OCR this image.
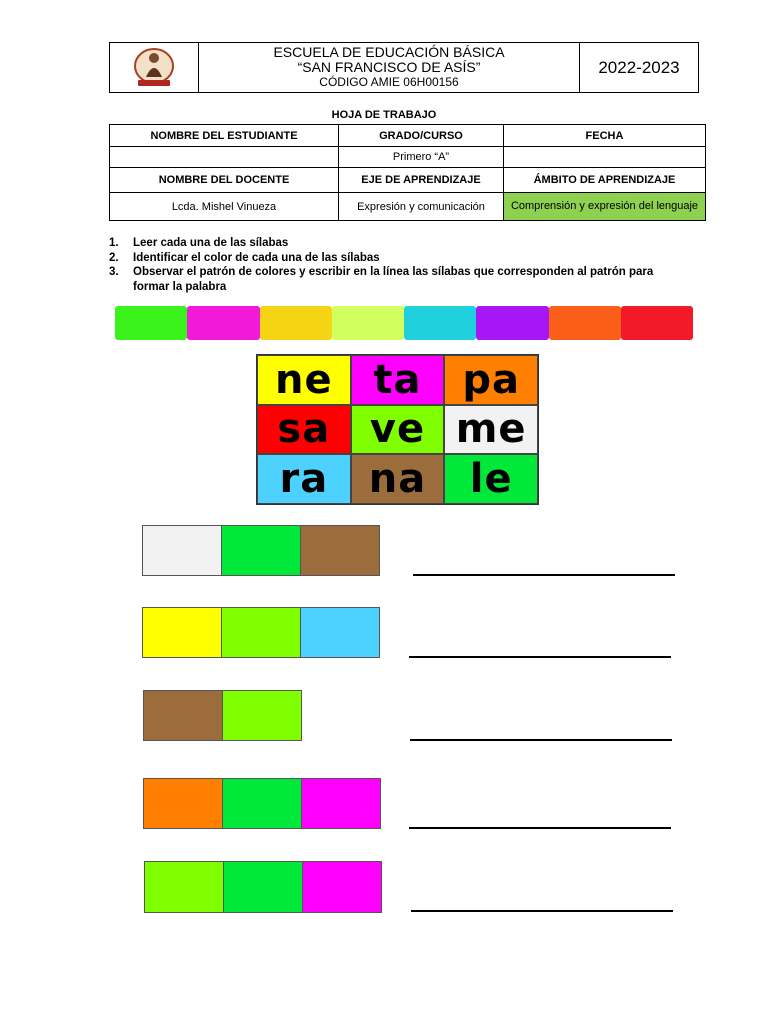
ESCUELA DE EDUCACIÓN BÁSICA
“SAN FRANCISCO DE ASÍS”
CÓDIGO AMIE 06H00156
2022-2023
HOJA DE TRABAJO
NOMBRE DEL ESTUDIANTE	GRADO/CURSO	FECHA
	Primero “A”	
NOMBRE DEL DOCENTE	EJE DE APRENDIZAJE	ÁMBITO DE APRENDIZAJE
Lcda. Mishel Vinueza	Expresión y comunicación	Comprensión y expresión del lenguaje
1.	Leer cada una de las sílabas
2.	Identificar el color de cada una de las sílabas
3.	Observar el patrón de colores y escribir en la línea las sílabas que corresponden al patrón para formar la palabra
ne	ta	pa
sa ve me
ra	na	le
